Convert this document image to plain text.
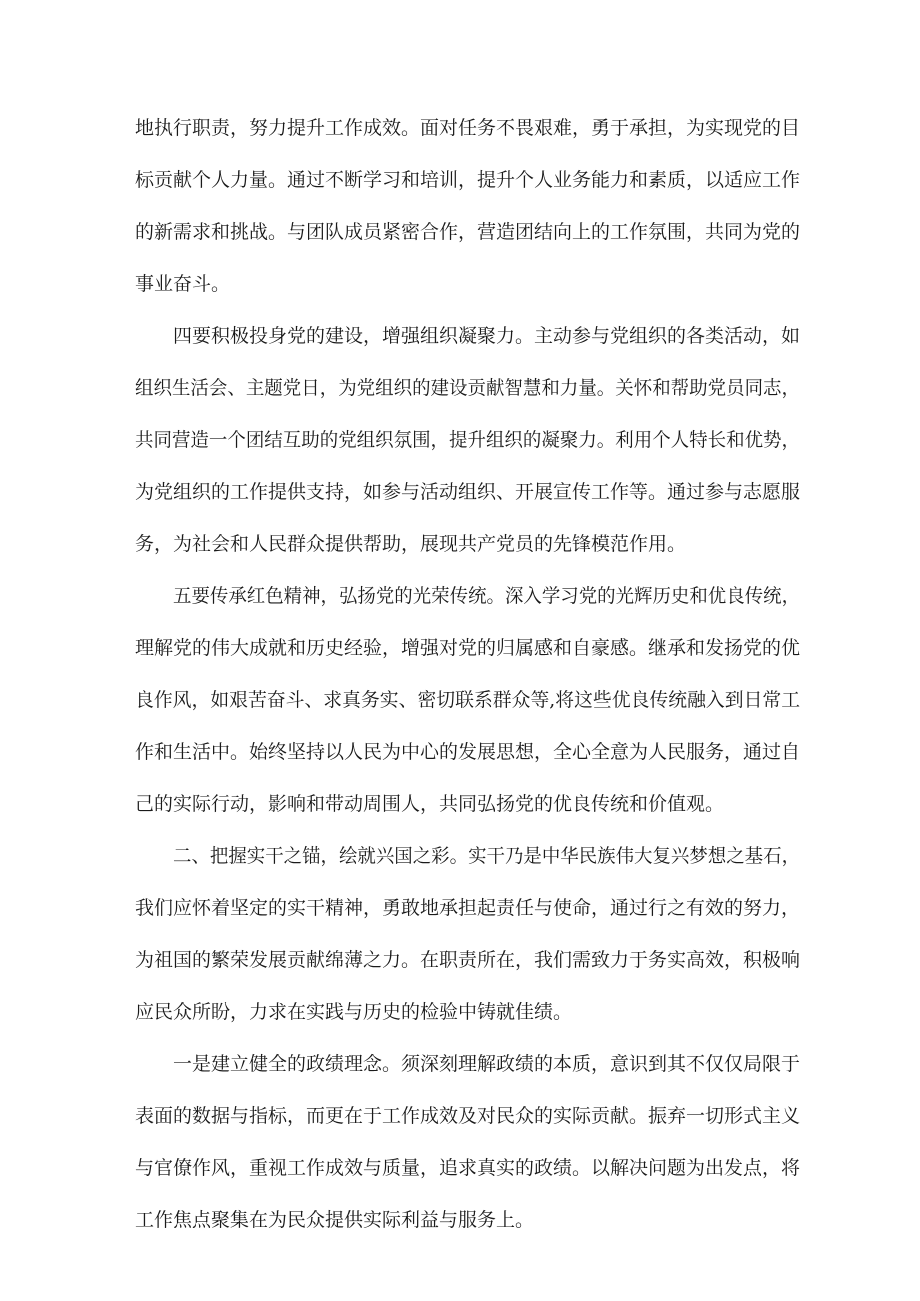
地执行职责，努力提升工作成效。面对任务不畏艰难，勇于承担，为实现党的目
标贡献个人力量。通过不断学习和培训，提升个人业务能力和素质，以适应工作
的新需求和挑战。与团队成员紧密合作，营造团结向上的工作氛围，共同为党的
事业奋斗。
四要积极投身党的建设，增强组织凝聚力。主动参与党组织的各类活动，如
组织生活会、主题党日，为党组织的建设贡献智慧和力量。关怀和帮助党员同志，
共同营造一个团结互助的党组织氛围，提升组织的凝聚力。利用个人特长和优势，
为党组织的工作提供支持，如参与活动组织、开展宣传工作等。通过参与志愿服
务，为社会和人民群众提供帮助，展现共产党员的先锋模范作用。
五要传承红色精神，弘扬党的光荣传统。深入学习党的光辉历史和优良传统，
理解党的伟大成就和历史经验，增强对党的归属感和自豪感。继承和发扬党的优
良作风，如艰苦奋斗、求真务实、密切联系群众等,将这些优良传统融入到日常工
作和生活中。始终坚持以人民为中心的发展思想，全心全意为人民服务，通过自
己的实际行动，影响和带动周围人，共同弘扬党的优良传统和价值观。
二、把握实干之锚，绘就兴国之彩。实干乃是中华民族伟大复兴梦想之基石，
我们应怀着坚定的实干精神，勇敢地承担起责任与使命，通过行之有效的努力，
为祖国的繁荣发展贡献绵薄之力。在职责所在，我们需致力于务实高效，积极响
应民众所盼，力求在实践与历史的检验中铸就佳绩。
一是建立健全的政绩理念。须深刻理解政绩的本质，意识到其不仅仅局限于
表面的数据与指标，而更在于工作成效及对民众的实际贡献。振弃一切形式主义
与官僚作风，重视工作成效与质量，追求真实的政绩。以解决问题为出发点，将
工作焦点聚集在为民众提供实际利益与服务上。
